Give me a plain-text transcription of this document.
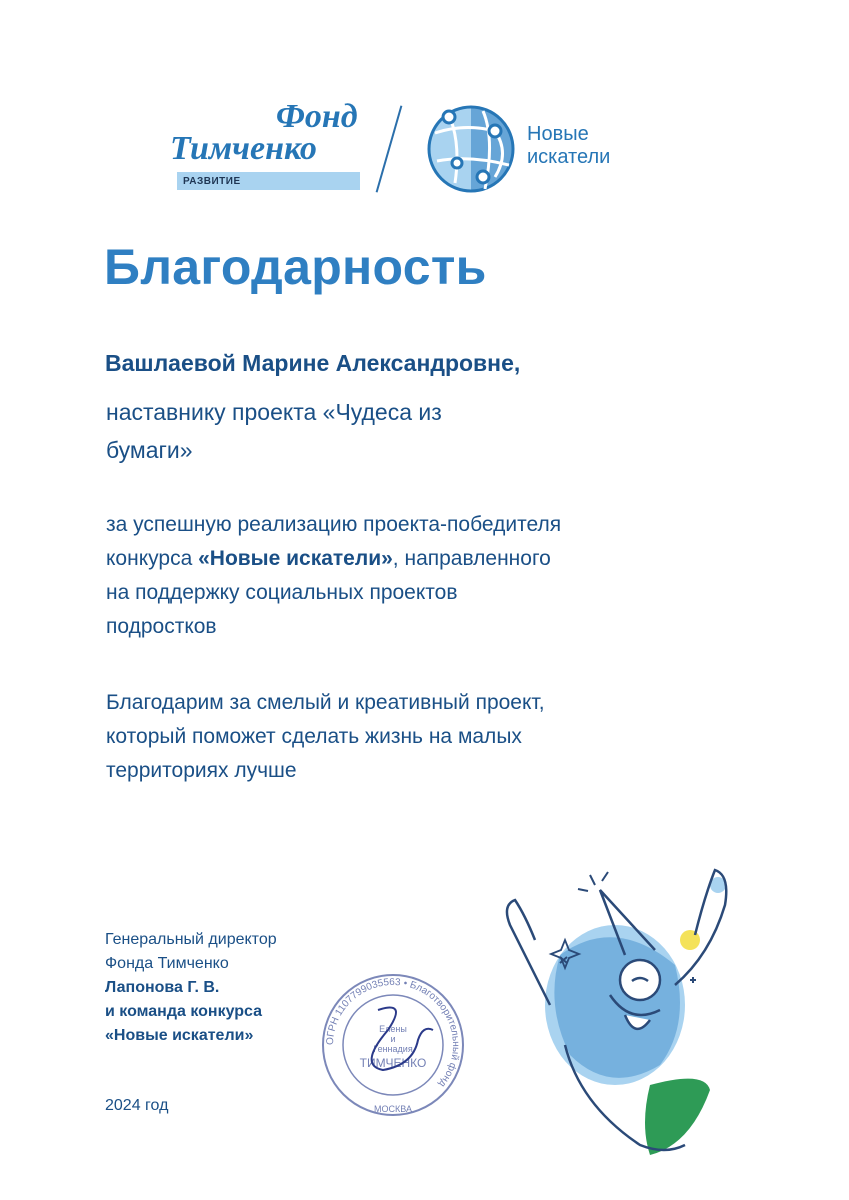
Фонд
Тимченко
РАЗВИТИЕ
Новые
искатели
Благодарность
Вашлаевой Марине Александровне,
наставнику проекта «Чудеса из
бумаги»
за успешную реализацию проекта-победителя
конкурса «Новые искатели», направленного
на поддержку социальных проектов
подростков
Благодарим за смелый и креативный проект,
который поможет сделать жизнь на малых
территориях лучше
Генеральный директор
Фонда Тимченко
Лапонова Г. В.
и команда конкурса
«Новые искатели»
2024 год
ОГРН 1107799035563 • Благотворительный фонд
Елены
и
Геннадия
ТИМЧЕНКО
МОСКВА
